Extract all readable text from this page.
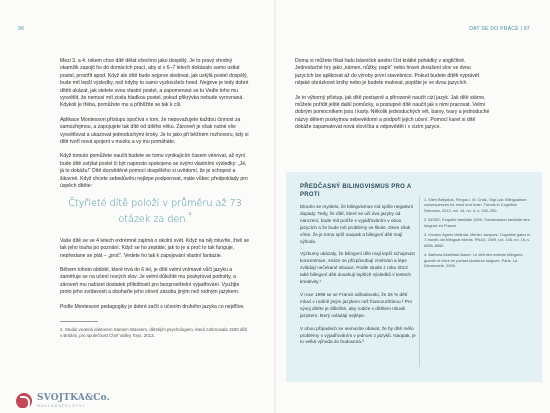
96	DAT SE DO PRÁCE | 97

Mezi 3. a 4. rokem chce dítě dělat všechno jako dospělý. Je to pravý vhodný okamžik zapojit ho do domácích prací, aby si v 6–7 letech dokázalo samo ustlat postel, prostřít apod. Když ale dítě bude nejprve sledovat, jak ustýlá postel dospělý, bude mít lepší výsledky, než kdyby to samo vyzkoušelo hned. Nejprve je tedy dobré dítěti ukázat, jak stelete svou vlastní postel, a zapomenout se tu Vedle toho mu vysvětlit, že nemusí mít zcela hladkou postel, pokud přikrývka nebude vyrovnaná. Kdykoli je třeba, pomůžete mu a přiblížíte se tak k cíli.

Aplikace Montessori přístupu spočívá v tom, že nepovažujete každou činnost za samozřejmou, a zapojujete tak dítě od útlého věku. Zároveň je však nutné vše vysvětlovat a ukazovat jednoduchými kroky. Je to jako při běžném rozhovoru, kdy si dítě tvoří nová spojení v mozku a vy mu pomáháte.

Když tomuto pomůžete naučit budete se tomu vynikajícím časem věnovat, až nyní bude dítě ustýlat postel či být naprosto spokojeno se svými vlastními výsledky: „Jé, já to dokážu!“ Dítě dozvěděné pomocí dospělého si uvědomí, že je schopné a šikovné. Když chcete sebedůvěru nejlépe podporovat, máte vůbec předpoklady pro úspěch dítěte:

Čtyřleté dítě položí v průměru až 73 otázek za den.$^{^2}$

Vaše dítě se ve 4 letech extrémně zajímá o okolní svět. Když na něj mluvíte, živě se tak jeho touha po poznání. Když se ho zeptáte, jak to je a proč to tak funguje, nepřestane se ptát – „proč“. Vedete ho tak k zapojování vlastní fantazie.

Během tohoto období, které trvá do 6 let, je dítě velmi vnímavé vůči jazyku a zaměřuje se na učení nových slov. Je velmi důležité mu poskytovat podněty, a zároveň mu nabízet dostatek příležitostí pro bezprostřední vyjadřování. Využijte proto jeho zvídavosti a obohaťte jeho slovní zásobu jiným než rodným jazykem.

Podle Montessori pedagogiky je dobré začít s učením druhého jazyka co nejdříve.

2. Studie vedená doktorem Samem Wassem, dětským psychologem, která zahrnovala 1500 dětí v Británii, pro společnost Chef Valley Toys, 2013.

Doma si můžete říkat řadu básniček anebo číst krátké pohádky v angličtině. Jednoduché hry jako „kámen, nůžky, papír“ nebo hravé zkoušení slov ve dvou jazycích lze aplikovat až do výroby první stavebnice. Pokud budete dítěti vyprávět nějaké obrázkové knihy nebo je budete malovat, popište je ve dvou jazycích.

Je to výborný přístup, jak dítě postupně a přirozeně naučit cizí jazyk. Jak dítě stárne, můžete pořídit ještě další pomůcky, a postupně dítě naučit jak s nimi pracovat. Velmi dobrým pomocníkem jsou i karty. Několik jednoduchých vět, barvy, tvary a jednoduché názvy dětem poskytnou sebevědomí a podpoří jejich učení. Pomocí karet si dítě dokáže zapamatovat nová slovíčka a odpovědět i v cizím jazyce.

PŘEDČASNÝ BILINGVISMUS PRO A PROTI

Dlouho se myslelo, že bilingvismus má spíše negativní dopady. Tedy, že dítě, které se učí dva jazyky od narození, bude mít potíže s vyjadřováním v obou jazycích a že bude mít problémy ve škole. Dnes však víme, že je tomu spíš naopak a bilingvní děti mají výhodu.

Výzkumy ukázaly, že bilingvní děti mají lepší schopnost koncentrace, snáze se přizpůsobují změnám a lépe zvládají nečekané situace. Podle studie z roku 2012 také bilingvní děti dosahují lepších výsledků v testech kreativity.¹

V roce 1999 se ve Francii odhadovalo, že 26 % dětí mluví v rodině jiným jazykem než francouzštinou.² Pro vývoj dítěte je důležité, aby rodiče s dítětem mluvili jazykem, který ovládají nejlépe.

V obou případech se nemusíte obávat, že by dítě mělo problémy s vyjadřováním v jednom z jazyků. Naopak, je to velká výhoda do budoucna.³

1. Ellen Bialystok, Fergus I. M. Craik, Gigi Luk: Bilingualism: consequences for mind and brain. Trends in Cognitive Sciences, 2012, vol. 16, no. 4, s. 240–250.

2. INSEE, Enquête familiale 1999, Transmission familiale des langues en France.

3. Kovács Ágnes Melinda, Mehler Jacques: Cognitive gains in 7-month-old bilingual infants. PNAS, 2009, vol. 106, no. 16, s. 6556–6560.

4. Barbara Abdelilah-Bauer: Le défi des enfants bilingues: grandir et vivre en parlant plusieurs langues. Paris: La Découverte, 2008.

SVOJTKA&Co.
NAKLADATELSTVÍ
